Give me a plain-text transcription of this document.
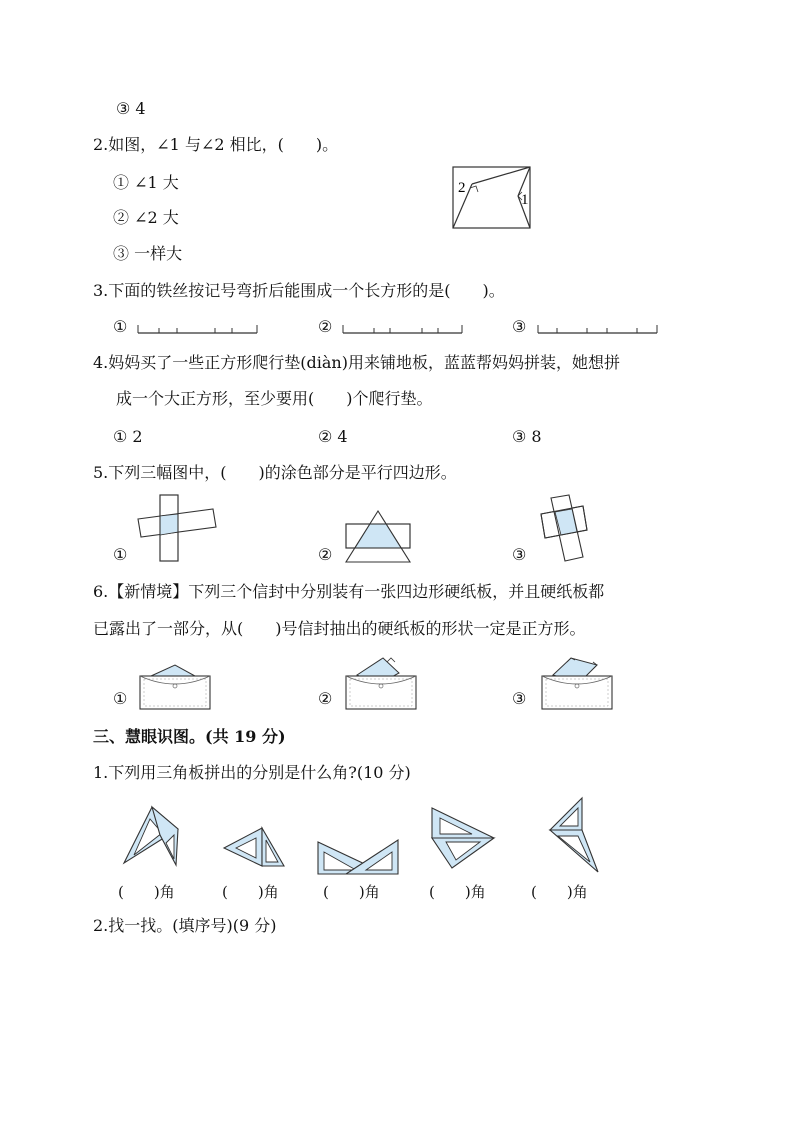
③ 4
2.如图，∠1 与∠2 相比，(　　)。
① ∠1 大
② ∠2 大
③ 一样大
2
1
3.下面的铁丝按记号弯折后能围成一个长方形的是(　　)。
①	②	③
4.妈妈买了一些正方形爬行垫(diàn)用来铺地板，蓝蓝帮妈妈拼装，她想拼
成一个大正方形，至少要用(　　)个爬行垫。
① 2	② 4	③ 8
5.下列三幅图中，(　　)的涂色部分是平行四边形。
①	②	③
6.【新情境】下列三个信封中分别装有一张四边形硬纸板，并且硬纸板都
已露出了一部分，从(　　)号信封抽出的硬纸板的形状一定是正方形。
①	②	③
三、慧眼识图。(共 19 分)
1.下列用三角板拼出的分别是什么角?(10 分)
(　　)角	(　　)角	(　　)角	(　　)角	(　　)角
2.找一找。(填序号)(9 分)
